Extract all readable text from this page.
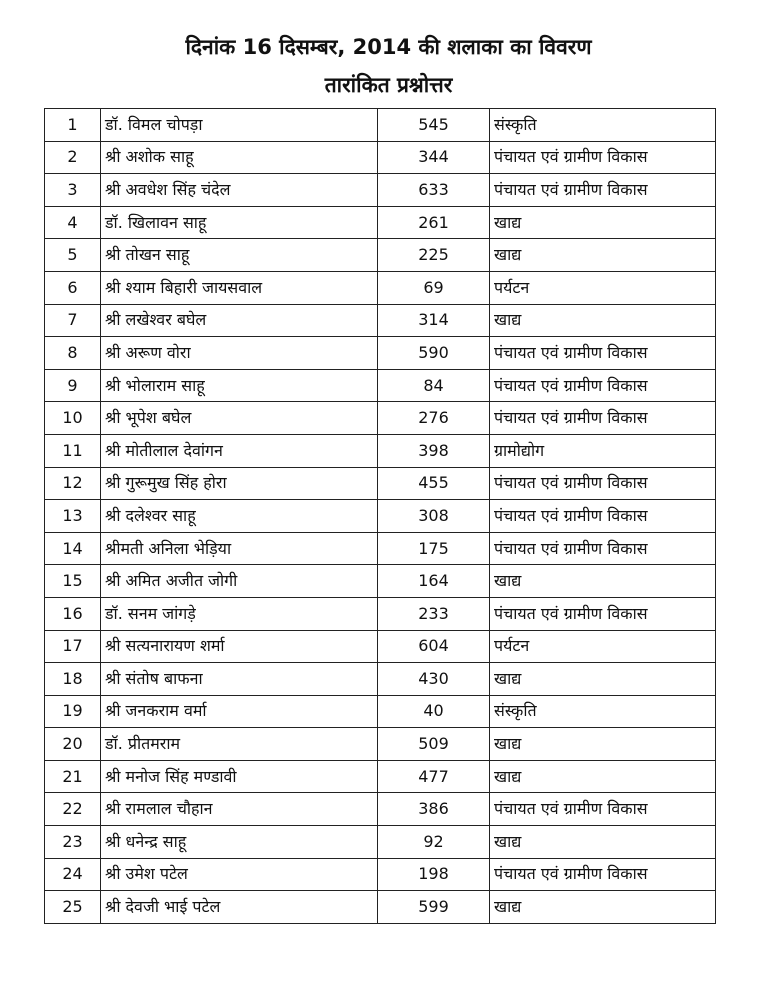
दिनांक 16 दिसम्बर, 2014 की शलाका का विवरण
तारांकित प्रश्नोत्तर
1	डॉ. विमल चोपड़ा	545	संस्कृति
2	श्री अशोक साहू	344	पंचायत एवं ग्रामीण विकास
3	श्री अवधेश सिंह चंदेल	633	पंचायत एवं ग्रामीण विकास
4	डॉ. खिलावन साहू	261	खाद्य
5	श्री तोखन साहू	225	खाद्य
6	श्री श्याम बिहारी जायसवाल	69	पर्यटन
7	श्री लखेश्वर बघेल	314	खाद्य
8	श्री अरूण वोरा	590	पंचायत एवं ग्रामीण विकास
9	श्री भोलाराम साहू	84	पंचायत एवं ग्रामीण विकास
10	श्री भूपेश बघेल	276	पंचायत एवं ग्रामीण विकास
11	श्री मोतीलाल देवांगन	398	ग्रामोद्योग
12	श्री गुरूमुख सिंह होरा	455	पंचायत एवं ग्रामीण विकास
13	श्री दलेश्वर साहू	308	पंचायत एवं ग्रामीण विकास
14	श्रीमती अनिला भेड़िया	175	पंचायत एवं ग्रामीण विकास
15	श्री अमित अजीत जोगी	164	खाद्य
16	डॉ. सनम जांगड़े	233	पंचायत एवं ग्रामीण विकास
17	श्री सत्यनारायण शर्मा	604	पर्यटन
18	श्री संतोष बाफना	430	खाद्य
19	श्री जनकराम वर्मा	40	संस्कृति
20	डॉ. प्रीतमराम	509	खाद्य
21	श्री मनोज सिंह मण्डावी	477	खाद्य
22	श्री रामलाल चौहान	386	पंचायत एवं ग्रामीण विकास
23	श्री धनेन्द्र साहू	92	खाद्य
24	श्री उमेश पटेल	198	पंचायत एवं ग्रामीण विकास
25	श्री देवजी भाई पटेल	599	खाद्य
